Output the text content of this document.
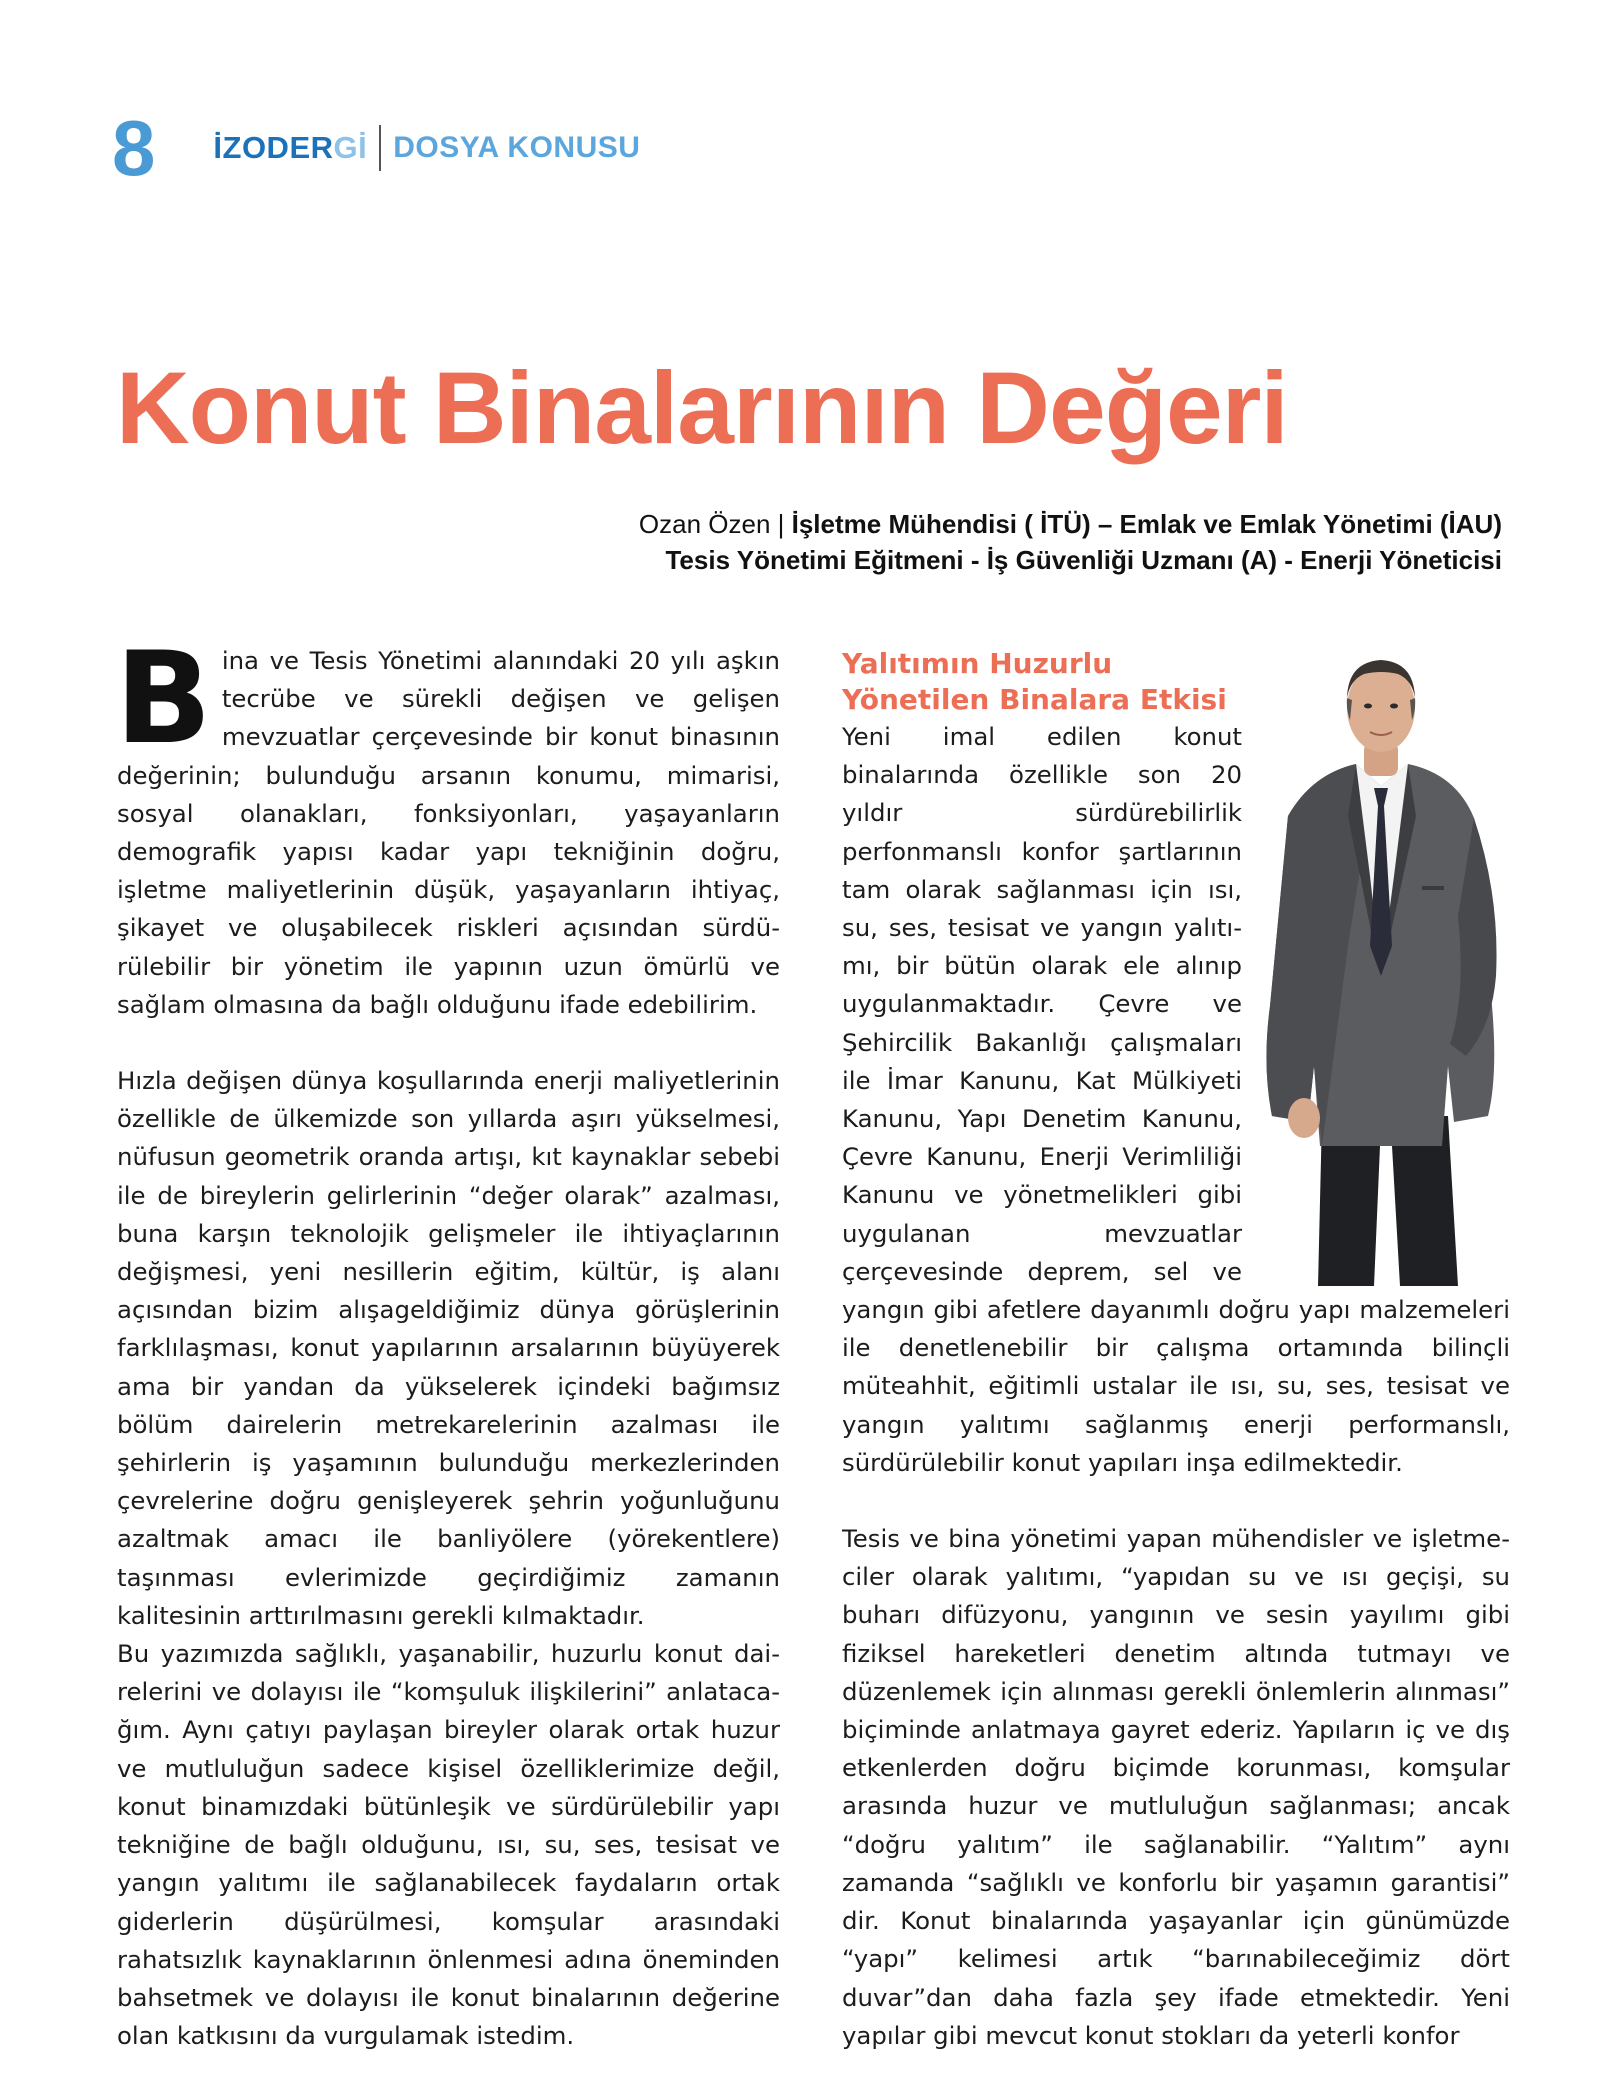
8 İZODERGİ DOSYA KONUSU
Konut Binalarının Değeri
Ozan Özen | İşletme Mühendisi ( İTÜ) – Emlak ve Emlak Yönetimi (İAU)
Tesis Yönetimi Eğitmeni - İş Güvenliği Uzmanı (A) - Enerji Yöneticisi

Bina ve Tesis Yönetimi alanındaki 20 yılı aşkın tecrübe ve sürekli değişen ve gelişen mevzuatlar çerçevesinde bir konut binasının değerinin; bulunduğu arsanın konumu, mimarisi, sosyal olanakları, fonksiyonları, yaşayanların demografik yapısı kadar yapı tekniğinin doğru, işletme maliyetlerinin düşük, yaşayanların ihtiyaç, şikayet ve oluşabilecek riskleri açısından sürdürülebilir bir yönetim ile yapının uzun ömürlü ve sağlam olmasına da bağlı olduğunu ifade edebilirim.

Hızla değişen dünya koşullarında enerji maliyetlerinin özellikle de ülkemizde son yıllarda aşırı yükselmesi, nüfusun geometrik oranda artışı, kıt kaynaklar sebebi ile de bireylerin gelirlerinin “değer olarak” azalması, buna karşın teknolojik gelişmeler ile ihtiyaçlarının değişmesi, yeni nesillerin eğitim, kültür, iş alanı açısından bizim alışageldiğimiz dünya görüşlerinin farklılaşması, konut yapılarının arsalarının büyüyerek ama bir yandan da yükselerek içindeki bağımsız bölüm dairelerin metrekarelerinin azalması ile şehirlerin iş yaşamının bulunduğu merkezlerinden çevrelerine doğru genişleyerek şehrin yoğunluğunu azaltmak amacı ile banliyölere (yörekentlere) taşınması evlerimizde geçirdiğimiz zamanın kalitesinin arttırılmasını gerekli kılmaktadır.

Bu yazımızda sağlıklı, yaşanabilir, huzurlu konut dairelerini ve dolayısı ile “komşuluk ilişkilerini” anlatacağım. Aynı çatıyı paylaşan bireyler olarak ortak huzur ve mutluluğun sadece kişisel özelliklerimize değil, konut binamızdaki bütünleşik ve sürdürülebilir yapı tekniğine de bağlı olduğunu, ısı, su, ses, tesisat ve yangın yalıtımı ile sağlanabilecek faydaların ortak giderlerin düşürülmesi, komşular arasındaki rahatsızlık kaynaklarının önlenmesi adına öneminden bahsetmek ve dolayısı ile konut binalarının değerine olan katkısını da vurgulamak istedim.

Yalıtımın Huzurlu
Yönetilen Binalara Etkisi

Yeni imal edilen konut binalarında özellikle son 20 yıldır sürdürebilirlik perfonmanslı konfor şartlarının tam olarak sağlanması için ısı, su, ses, tesisat ve yangın yalıtımı, bir bütün olarak ele alınıp uygulanmaktadır. Çevre ve Şehircilik Bakanlığı çalışmaları ile İmar Kanunu, Kat Mülkiyeti Kanunu, Yapı Denetim Kanunu, Çevre Kanunu, Enerji Verimliliği Kanunu ve yönetmelikleri gibi uygulanan mevzuatlar çerçevesinde deprem, sel ve yangın gibi afetlere dayanımlı doğru yapı malzemeleri ile denetlenebilir bir çalışma ortamında bilinçli müteahhit, eğitimli ustalar ile ısı, su, ses, tesisat ve yangın yalıtımı sağlanmış enerji performanslı, sürdürülebilir konut yapıları inşa edilmektedir.

Tesis ve bina yönetimi yapan mühendisler ve işletmeciler olarak yalıtımı, “yapıdan su ve ısı geçişi, su buharı difüzyonu, yangının ve sesin yayılımı gibi fiziksel hareketleri denetim altında tutmayı ve düzenlemek için alınması gerekli önlemlerin alınması” biçiminde anlatmaya gayret ederiz. Yapıların iç ve dış etkenlerden doğru biçimde korunması, komşular arasında huzur ve mutluluğun sağlanması; ancak “doğru yalıtım” ile sağlanabilir. “Yalıtım” aynı zamanda “sağlıklı ve konforlu bir yaşamın garantisi” dir. Konut binalarında yaşayanlar için günümüzde “yapı” kelimesi artık “barınabileceğimiz dört duvar”dan daha fazla şey ifade etmektedir. Yeni yapılar gibi mevcut konut stokları da yeterli konfor
